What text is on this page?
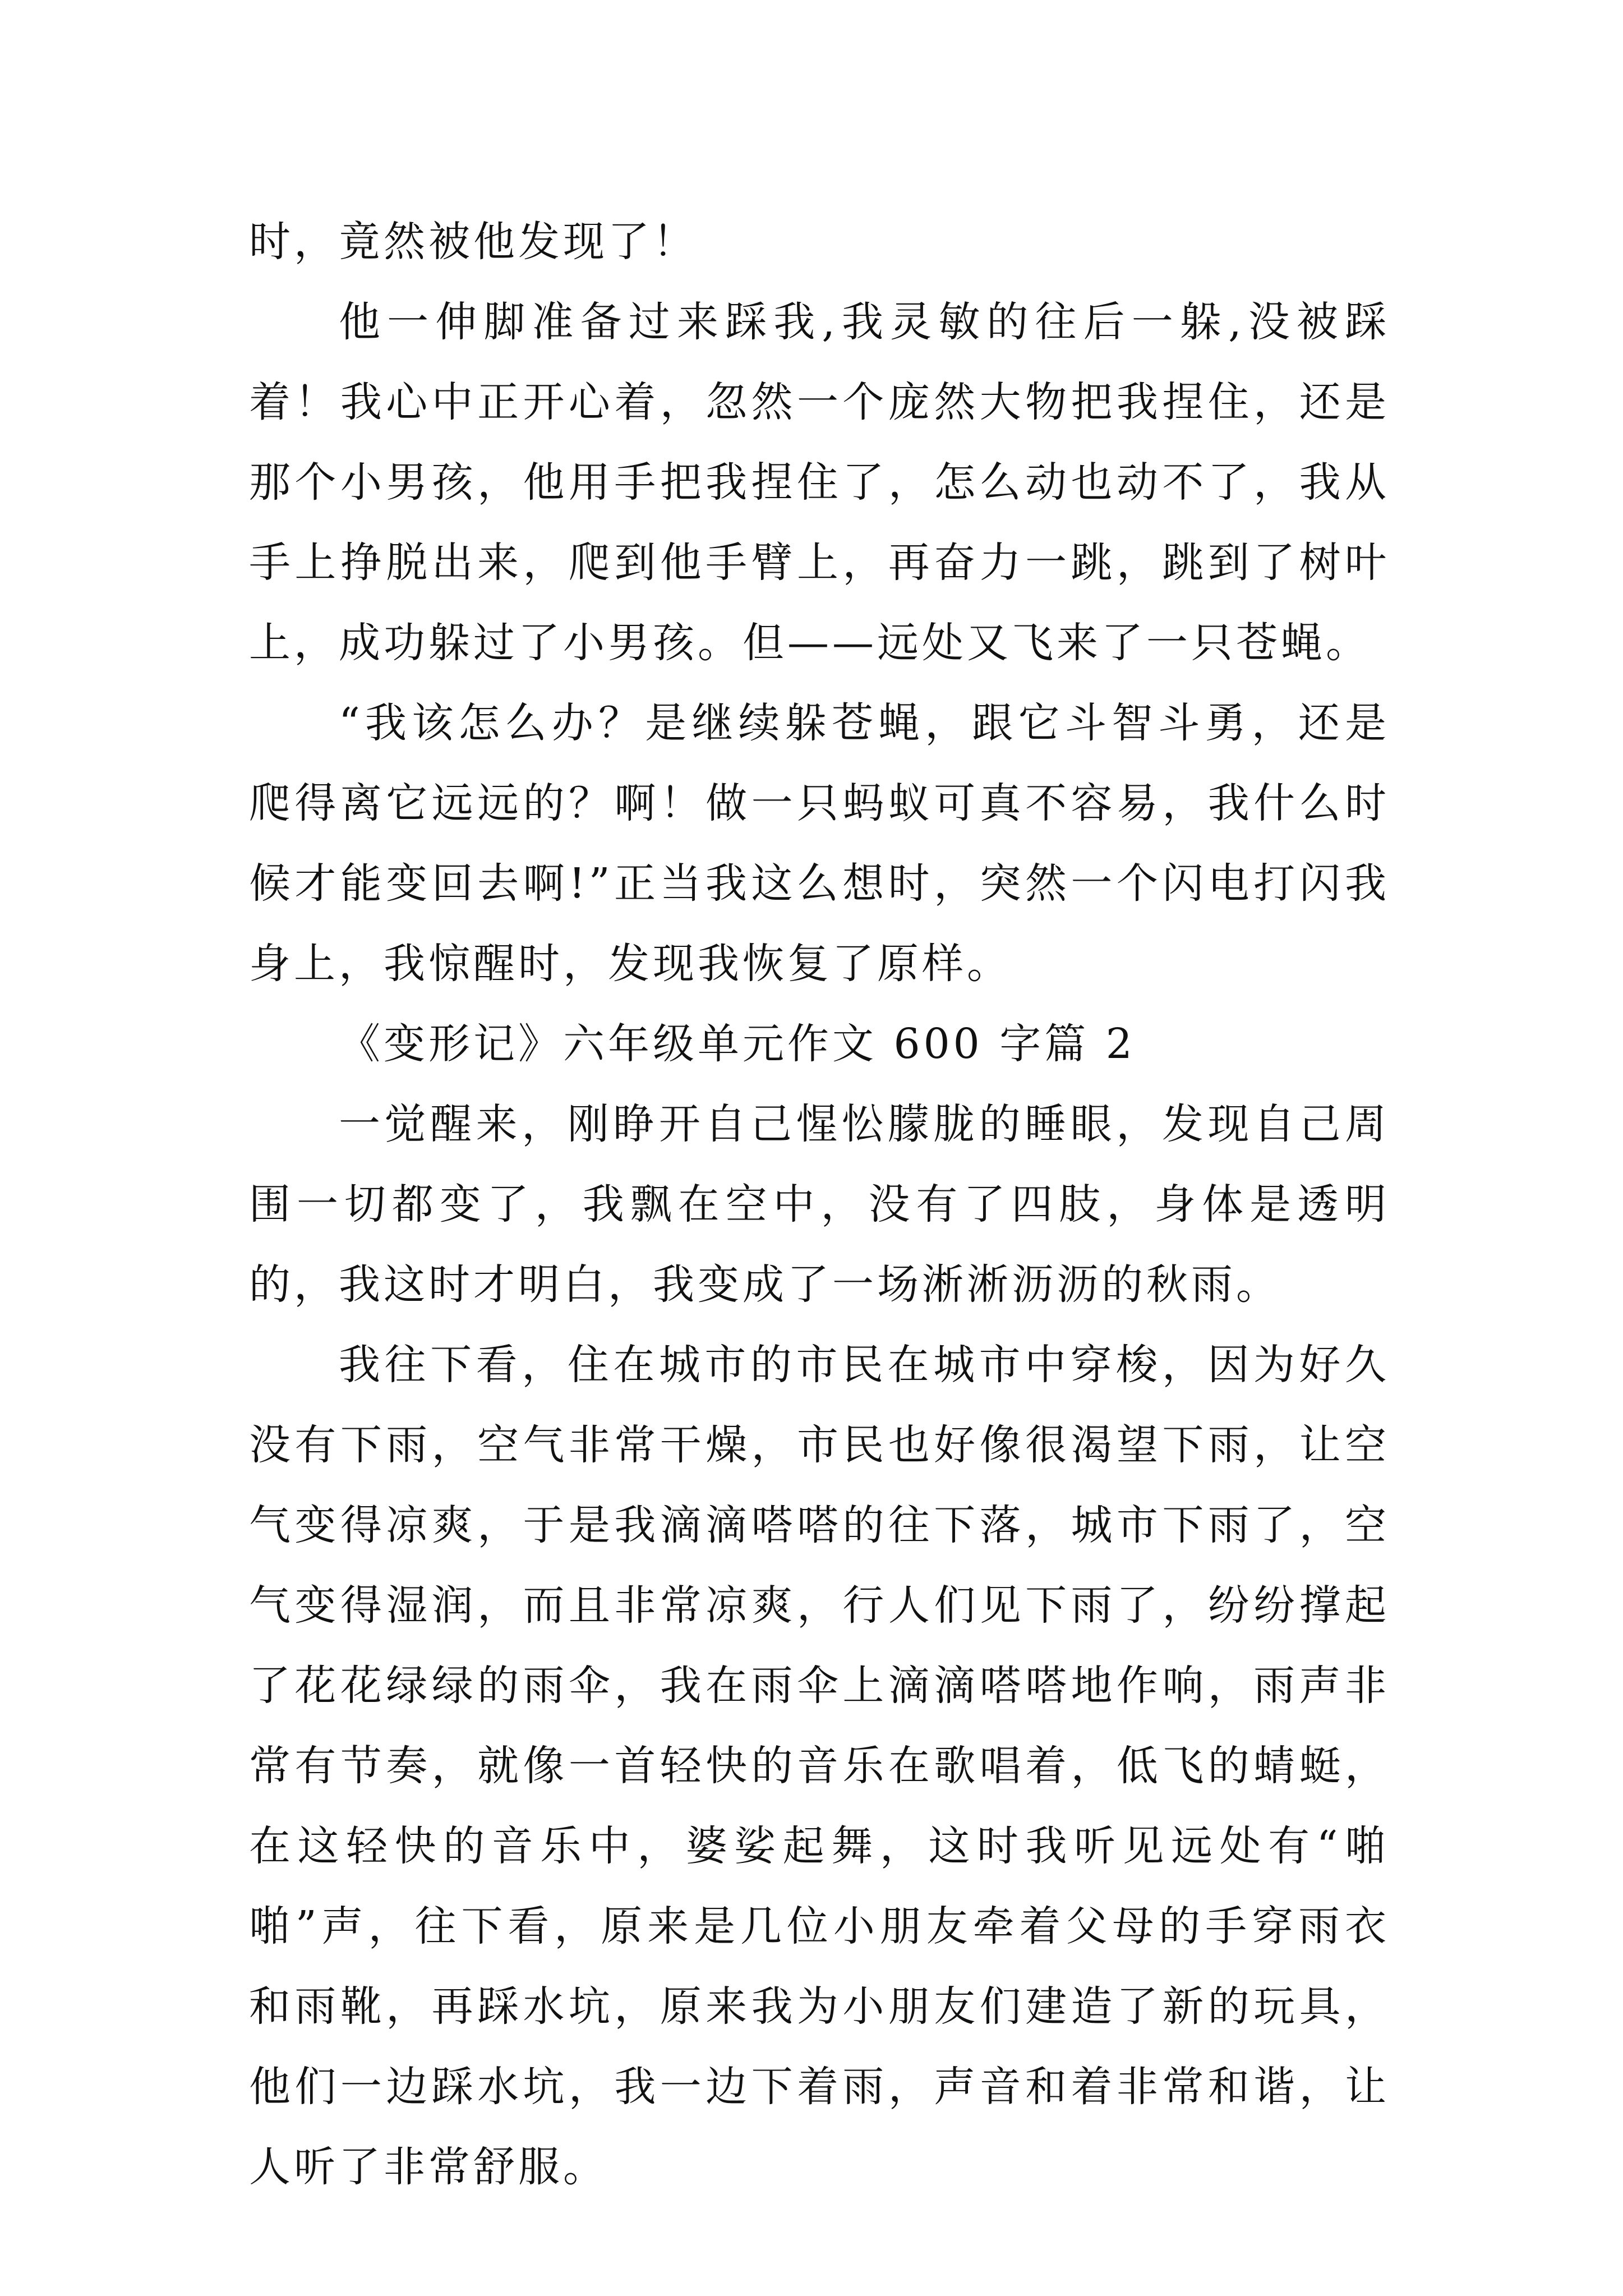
时，竟然被他发现了！

他一伸脚准备过来踩我,我灵敏的往后一躲,没被踩着！我心中正开心着，忽然一个庞然大物把我捏住，还是那个小男孩，他用手把我捏住了，怎么动也动不了，我从手上挣脱出来，爬到他手臂上，再奋力一跳，跳到了树叶上，成功躲过了小男孩。但——远处又飞来了一只苍蝇。

“我该怎么办？是继续躲苍蝇，跟它斗智斗勇，还是爬得离它远远的？啊！做一只蚂蚁可真不容易，我什么时候才能变回去啊!”正当我这么想时，突然一个闪电打闪我身上，我惊醒时，发现我恢复了原样。

《变形记》六年级单元作文 600 字篇 2

一觉醒来，刚睁开自己惺忪朦胧的睡眼，发现自己周围一切都变了，我飘在空中，没有了四肢，身体是透明的，我这时才明白，我变成了一场淅淅沥沥的秋雨。

我往下看，住在城市的市民在城市中穿梭，因为好久没有下雨，空气非常干燥，市民也好像很渴望下雨，让空气变得凉爽，于是我滴滴嗒嗒的往下落，城市下雨了，空气变得湿润，而且非常凉爽，行人们见下雨了，纷纷撑起了花花绿绿的雨伞，我在雨伞上滴滴嗒嗒地作响，雨声非常有节奏，就像一首轻快的音乐在歌唱着，低飞的蜻蜓，在这轻快的音乐中，婆娑起舞，这时我听见远处有“啪啪”声，往下看，原来是几位小朋友牵着父母的手穿雨衣和雨靴，再踩水坑，原来我为小朋友们建造了新的玩具，他们一边踩水坑，我一边下着雨，声音和着非常和谐，让人听了非常舒服。
